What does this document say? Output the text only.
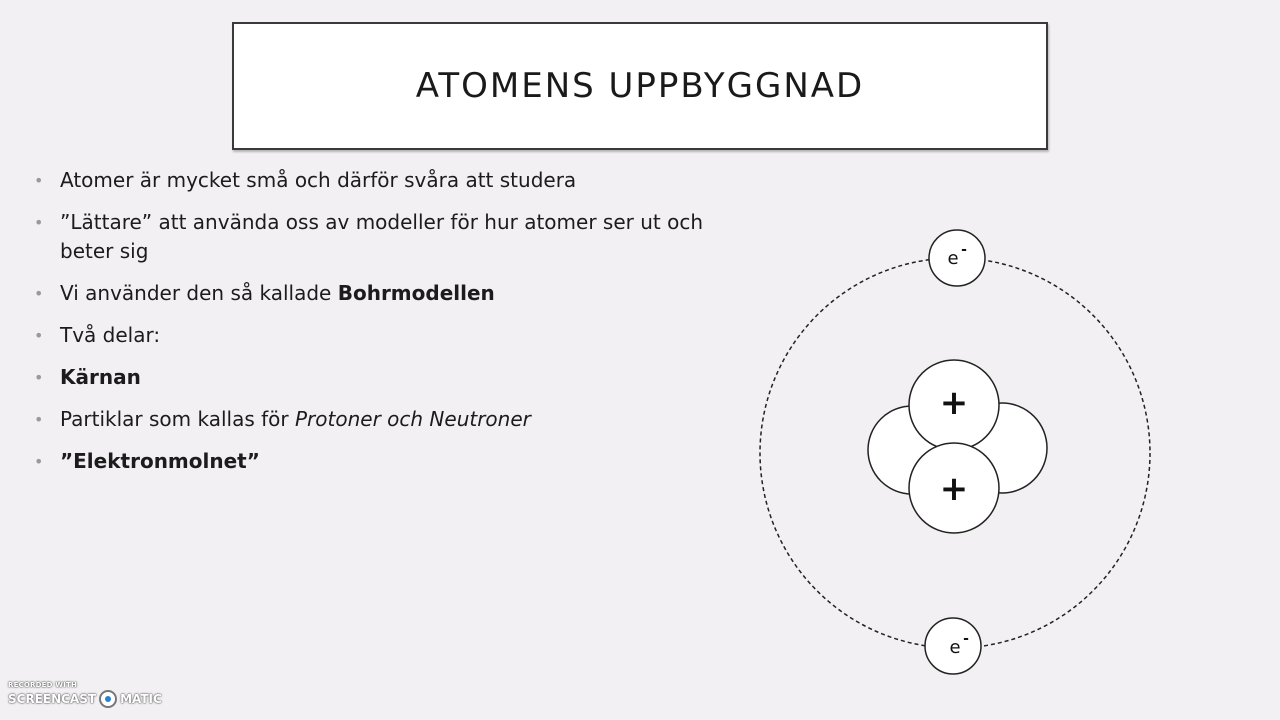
ATOMENS UPPBYGGNAD
• Atomer är mycket små och därför svåra att studera
• ”Lättare” att använda oss av modeller för hur atomer ser ut och beter sig
• Vi använder den så kallade Bohrmodellen
• Två delar:
• Kärnan
• Partiklar som kallas för Protoner och Neutroner
• ”Elektronmolnet”
+
+
e -
e -
RECORDED WITH
SCREENCAST MATIC
